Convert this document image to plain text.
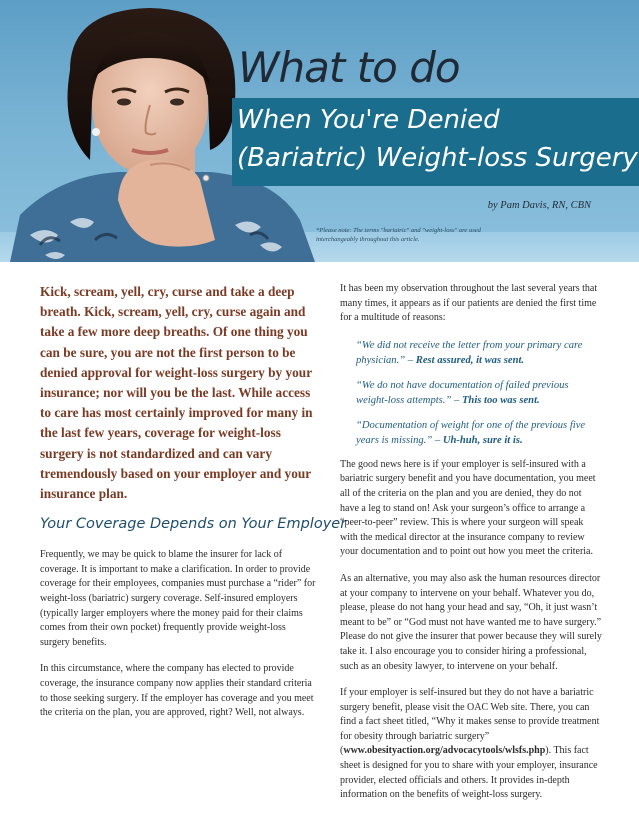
What to do
When You're Denied
(Bariatric) Weight-loss Surgery
by Pam Davis, RN, CBN
*Please note: The terms "bariatric" and "weight-loss" are used interchangeably throughout this article.

Kick, scream, yell, cry, curse and take a deep breath. Kick, scream, yell, cry, curse again and take a few more deep breaths. Of one thing you can be sure, you are not the first person to be denied approval for weight-loss surgery by your insurance; nor will you be the last. While access to care has most certainly improved for many in the last few years, coverage for weight-loss surgery is not standardized and can vary tremendously based on your employer and your insurance plan.

Your Coverage Depends on Your Employer

Frequently, we may be quick to blame the insurer for lack of coverage. It is important to make a clarification. In order to provide coverage for their employees, companies must purchase a “rider” for weight-loss (bariatric) surgery coverage. Self-insured employers (typically larger employers where the money paid for their claims comes from their own pocket) frequently provide weight-loss surgery benefits.

In this circumstance, where the company has elected to provide coverage, the insurance company now applies their standard criteria to those seeking surgery. If the employer has coverage and you meet the criteria on the plan, you are approved, right? Well, not always.

It has been my observation throughout the last several years that many times, it appears as if our patients are denied the first time for a multitude of reasons:

“We did not receive the letter from your primary care physician.” – Rest assured, it was sent.

“We do not have documentation of failed previous weight-loss attempts.” – This too was sent.

“Documentation of weight for one of the previous five years is missing.” – Uh-huh, sure it is.

The good news here is if your employer is self-insured with a bariatric surgery benefit and you have documentation, you meet all of the criteria on the plan and you are denied, they do not have a leg to stand on! Ask your surgeon’s office to arrange a “peer-to-peer” review. This is where your surgeon will speak with the medical director at the insurance company to review your documentation and to point out how you meet the criteria.

As an alternative, you may also ask the human resources director at your company to intervene on your behalf. Whatever you do, please, please do not hang your head and say, “Oh, it just wasn’t meant to be” or “God must not have wanted me to have surgery.” Please do not give the insurer that power because they will surely take it. I also encourage you to consider hiring a professional, such as an obesity lawyer, to intervene on your behalf.

If your employer is self-insured but they do not have a bariatric surgery benefit, please visit the OAC Web site. There, you can find a fact sheet titled, “Why it makes sense to provide treatment for obesity through bariatric surgery” (www.obesityaction.org/advocacytools/wlsfs.php). This fact sheet is designed for you to share with your employer, insurance provider, elected officials and others. It provides in-depth information on the benefits of weight-loss surgery.
